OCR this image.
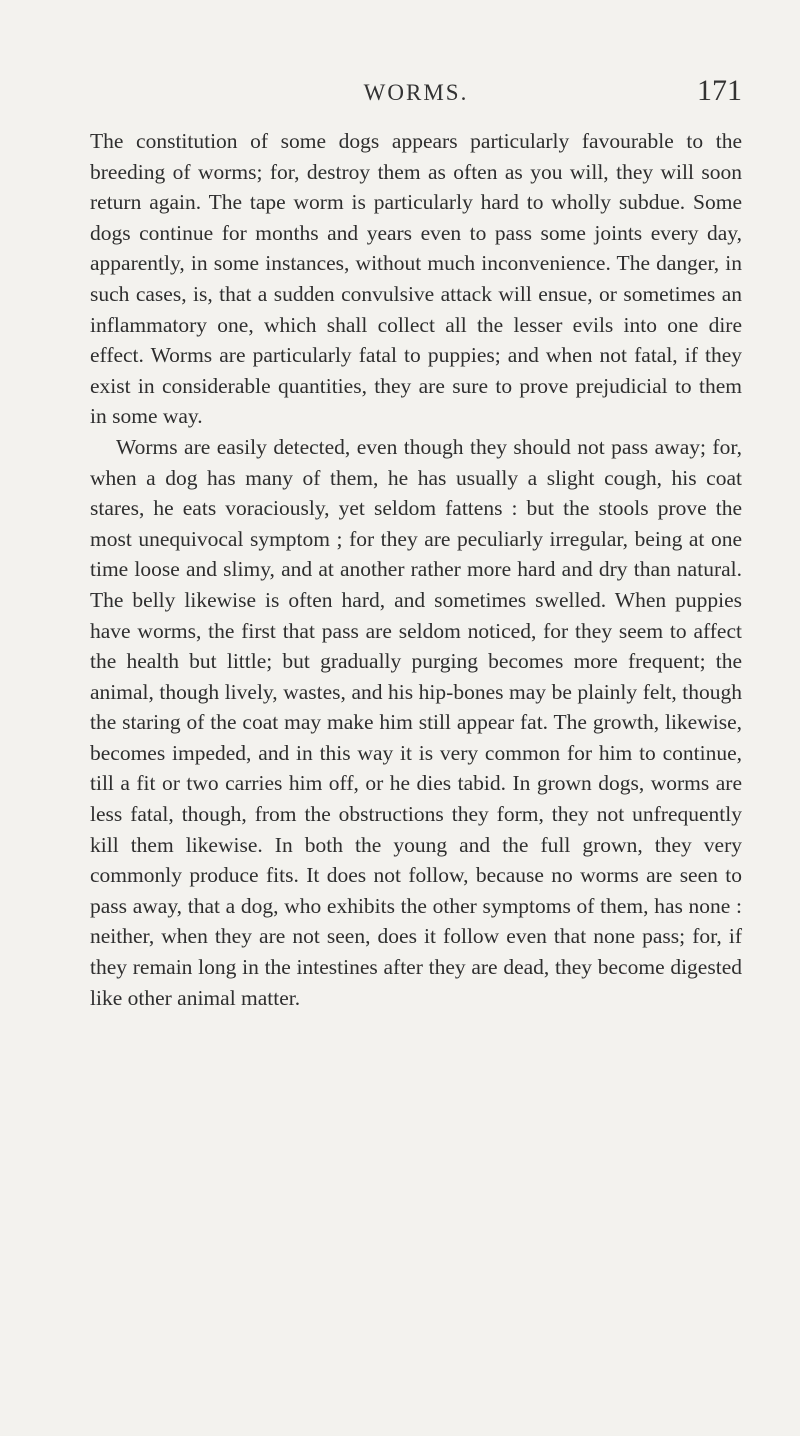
WORMS.	171

The constitution of some dogs appears particularly favourable to the breeding of worms; for, destroy them as often as you will, they will soon return again. The tape worm is particularly hard to wholly subdue. Some dogs continue for months and years even to pass some joints every day, apparently, in some instances, without much inconvenience. The danger, in such cases, is, that a sudden convulsive attack will ensue, or sometimes an inflammatory one, which shall collect all the lesser evils into one dire effect. Worms are particularly fatal to puppies; and when not fatal, if they exist in considerable quantities, they are sure to prove prejudicial to them in some way.

Worms are easily detected, even though they should not pass away; for, when a dog has many of them, he has usually a slight cough, his coat stares, he eats voraciously, yet seldom fattens : but the stools prove the most unequivocal symptom ; for they are peculiarly irregular, being at one time loose and slimy, and at another rather more hard and dry than natural. The belly likewise is often hard, and sometimes swelled. When puppies have worms, the first that pass are seldom noticed, for they seem to affect the health but little; but gradually purging becomes more frequent; the animal, though lively, wastes, and his hip-bones may be plainly felt, though the staring of the coat may make him still appear fat. The growth, likewise, becomes impeded, and in this way it is very common for him to continue, till a fit or two carries him off, or he dies tabid. In grown dogs, worms are less fatal, though, from the obstructions they form, they not unfrequently kill them likewise. In both the young and the full grown, they very commonly produce fits. It does not follow, because no worms are seen to pass away, that a dog, who exhibits the other symptoms of them, has none : neither, when they are not seen, does it follow even that none pass; for, if they remain long in the intestines after they are dead, they become digested like other animal matter.
